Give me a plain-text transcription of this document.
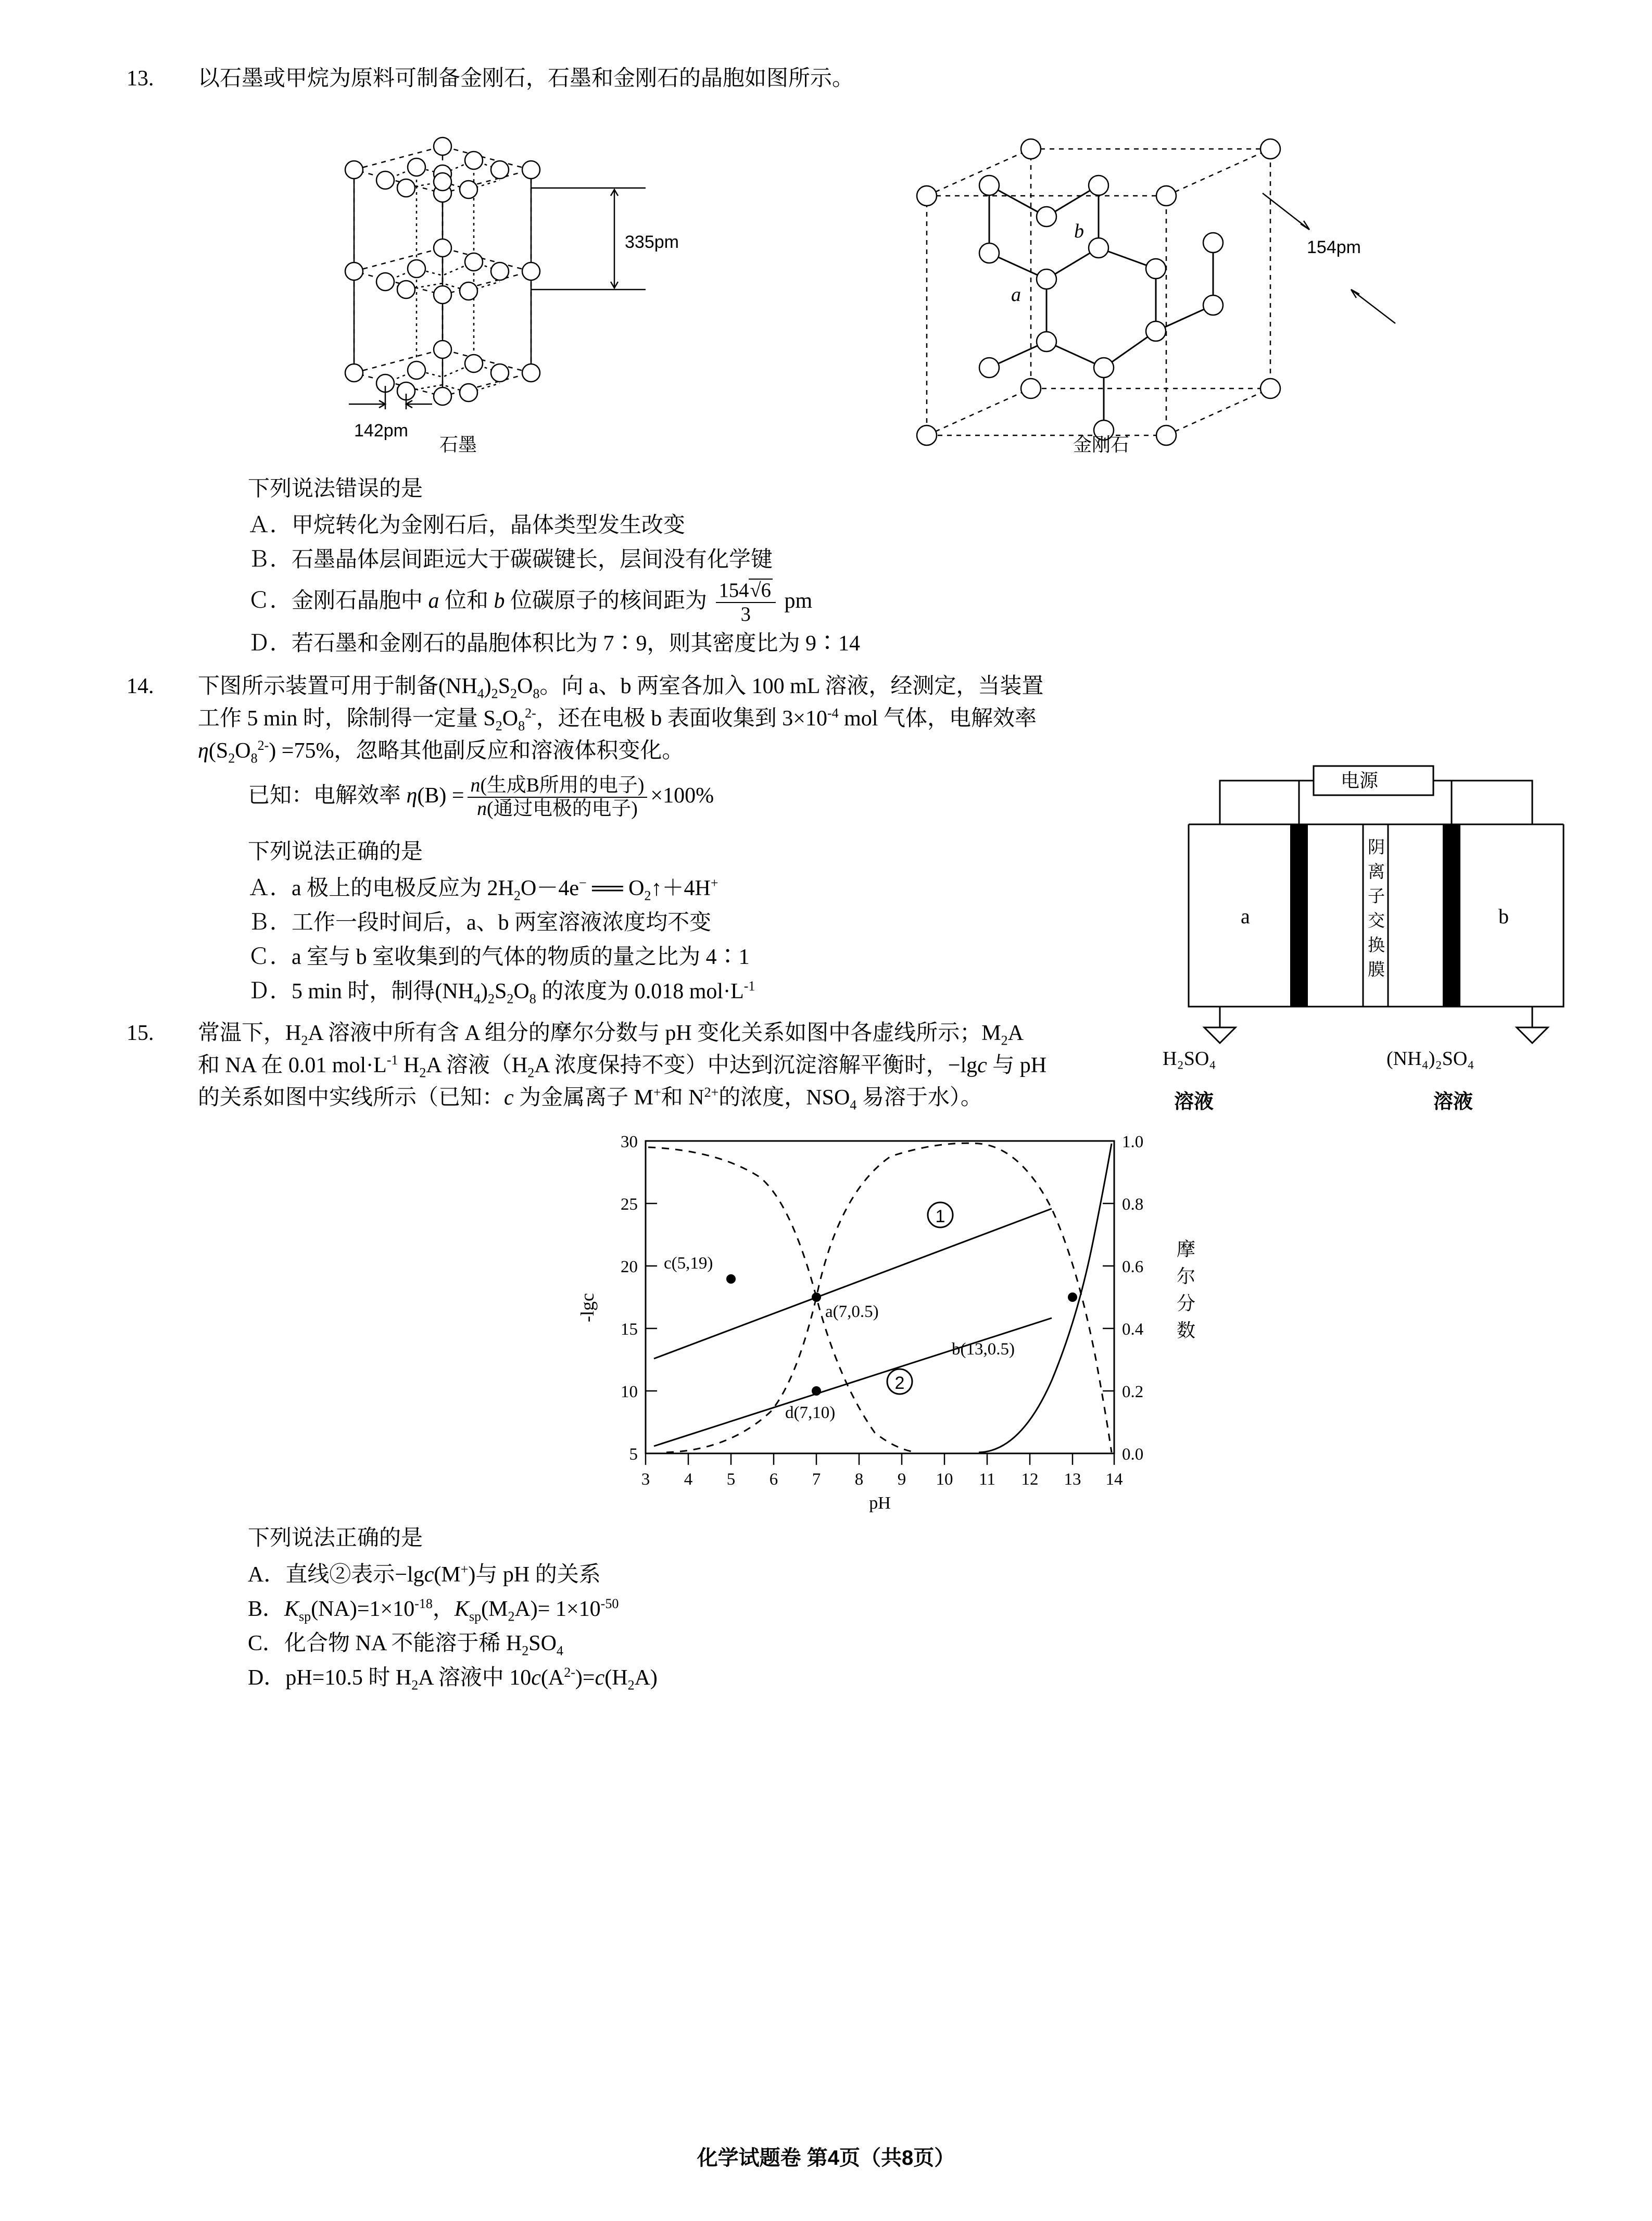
13. 以石墨或甲烷为原料可制备金刚石，石墨和金刚石的晶胞如图所示。
335pm
142pm
b
a
154pm
石墨	金刚石
下列说法错误的是
Ａ．甲烷转化为金刚石后，晶体类型发生改变
Ｂ．石墨晶体层间距远大于碳碳键长，层间没有化学键
Ｃ．金刚石晶胞中 a 位和 b 位碳原子的核间距为 $\frac{154√6}{3}$ pm
Ｄ．若石墨和金刚石的晶胞体积比为 7∶9，则其密度比为 9∶14
14. 下图所示装置可用于制备$(NH_4)_2S_2O_8$。向 a、b 两室各加入 100 mL 溶液，经测定，当装置
工作 5 min 时，除制得一定量 $S_2O_8^{2-}$，还在电极 b 表面收集到 $3\times 10^{-4}$ mol 气体，电解效率
$\eta(S_2O_8^{2-}) =75\%$，忽略其他副反应和溶液体积变化。
电源
a	b
阴
离
子
交
换
膜
H₂SO₄	(NH₄)₂SO₄
溶液	溶液
已知：电解效率 $\eta(B) = \frac{\text{n(生成B所用的电子)}}{\text{n(通过电极的电子)}} \times 100\%$
下列说法正确的是
Ａ．a 极上的电极反应为 $2H_2O-4e^-$ ══ $O_2↑+4H^+$
Ｂ．工作一段时间后，a、b 两室溶液浓度均不变
Ｃ．a 室与 b 室收集到的气体的物质的量之比为 4∶1
Ｄ．5 min 时，制得$(NH_4)_2S_2O_8$ 的浓度为 0.018 $mol\cdot L^{-1}$
15. 常温下，$H_2A$ 溶液中所有含 A 组分的摩尔分数与 pH 变化关系如图中各虚线所示；$M_2A$
和 NA 在 0.01 $mol\cdot L^{-1}$ $H_2A$ 溶液（$H_2A$ 浓度保持不变）中达到沉淀溶解平衡时，−lgc 与 pH
的关系如图中实线所示（已知：c 为金属离子 M+和 $N^{2+}$的浓度，$NSO_4$ 易溶于水）。
5
10
15
20
25
30
0.0
0.2
0.4
0.6
0.8
1.0
3 4 5 6 7 8 9 10 11 12 13 14
pH
-lgc
摩
尔
分
数
c(5,19)
a(7,0.5)
b(13,0.5)
d(7,10)
1
2
下列说法正确的是
A．直线②表示−lgc(M+)与 pH 的关系
B．$K_{sp}(NA)=1\times 10^{-18}$，$K_{sp}(M_2A)= 1\times 10^{-50}$
C．化合物 NA 不能溶于稀 $H_2SO_4$
D．pH=10.5 时 $H_2A$ 溶液中 $10c(A^{2-})=c(H_2A)$
化学试题卷 第4页（共8页）
